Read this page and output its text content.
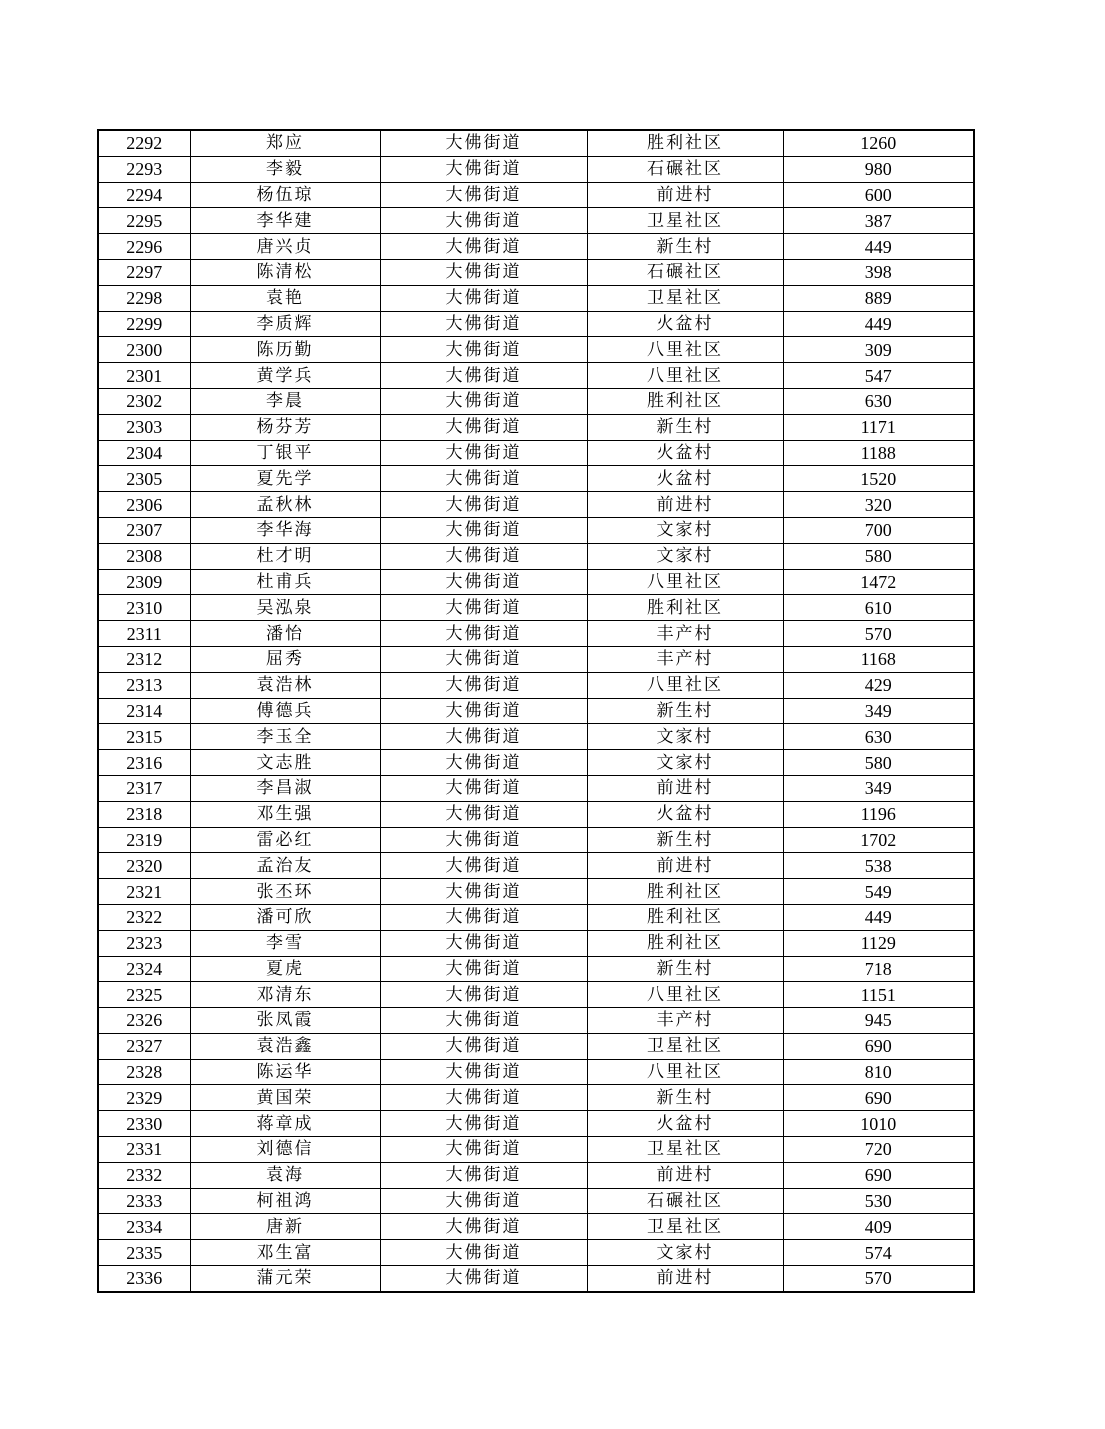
2292	郑应	大佛街道	胜利社区	1260
2293	李毅	大佛街道	石碾社区	980
2294	杨伍琼	大佛街道	前进村	600
2295	李华建	大佛街道	卫星社区	387
2296	唐兴贞	大佛街道	新生村	449
2297	陈清松	大佛街道	石碾社区	398
2298	袁艳	大佛街道	卫星社区	889
2299	李质辉	大佛街道	火盆村	449
2300	陈历勤	大佛街道	八里社区	309
2301	黄学兵	大佛街道	八里社区	547
2302	李晨	大佛街道	胜利社区	630
2303	杨芬芳	大佛街道	新生村	1171
2304	丁银平	大佛街道	火盆村	1188
2305	夏先学	大佛街道	火盆村	1520
2306	孟秋林	大佛街道	前进村	320
2307	李华海	大佛街道	文家村	700
2308	杜才明	大佛街道	文家村	580
2309	杜甫兵	大佛街道	八里社区	1472
2310	吴泓泉	大佛街道	胜利社区	610
2311	潘怡	大佛街道	丰产村	570
2312	屈秀	大佛街道	丰产村	1168
2313	袁浩林	大佛街道	八里社区	429
2314	傅德兵	大佛街道	新生村	349
2315	李玉全	大佛街道	文家村	630
2316	文志胜	大佛街道	文家村	580
2317	李昌淑	大佛街道	前进村	349
2318	邓生强	大佛街道	火盆村	1196
2319	雷必红	大佛街道	新生村	1702
2320	孟治友	大佛街道	前进村	538
2321	张丕环	大佛街道	胜利社区	549
2322	潘可欣	大佛街道	胜利社区	449
2323	李雪	大佛街道	胜利社区	1129
2324	夏虎	大佛街道	新生村	718
2325	邓清东	大佛街道	八里社区	1151
2326	张凤霞	大佛街道	丰产村	945
2327	袁浩鑫	大佛街道	卫星社区	690
2328	陈运华	大佛街道	八里社区	810
2329	黄国荣	大佛街道	新生村	690
2330	蒋章成	大佛街道	火盆村	1010
2331	刘德信	大佛街道	卫星社区	720
2332	袁海	大佛街道	前进村	690
2333	柯祖鸿	大佛街道	石碾社区	530
2334	唐新	大佛街道	卫星社区	409
2335	邓生富	大佛街道	文家村	574
2336	蒲元荣	大佛街道	前进村	570
